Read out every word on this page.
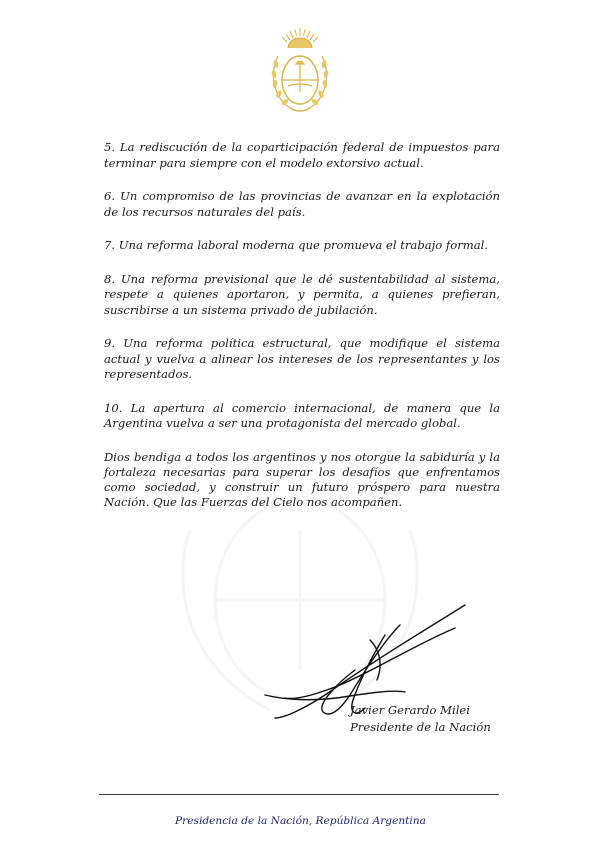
5. La rediscución de la coparticipación federal de impuestos para terminar para siempre con el modelo extorsivo actual.

6. Un compromiso de las provincias de avanzar en la explotación de los recursos naturales del país.

7. Una reforma laboral moderna que promueva el trabajo formal.

8. Una reforma previsional que le dé sustentabilidad al sistema, respete a quienes aportaron, y permita, a quienes prefieran, suscribirse a un sistema privado de jubilación.

9. Una reforma política estructural, que modifique el sistema actual y vuelva a alinear los intereses de los representantes y los representados.

10. La apertura al comercio internacional, de manera que la Argentina vuelva a ser una protagonista del mercado global.

Dios bendiga a todos los argentinos y nos otorgue la sabiduría y la fortaleza necesarias para superar los desafíos que enfrentamos como sociedad, y construir un futuro próspero para nuestra Nación. Que las Fuerzas del Cielo nos acompañen.

Javier Gerardo Milei
Presidente de la Nación
Presidencia de la Nación, República Argentina
